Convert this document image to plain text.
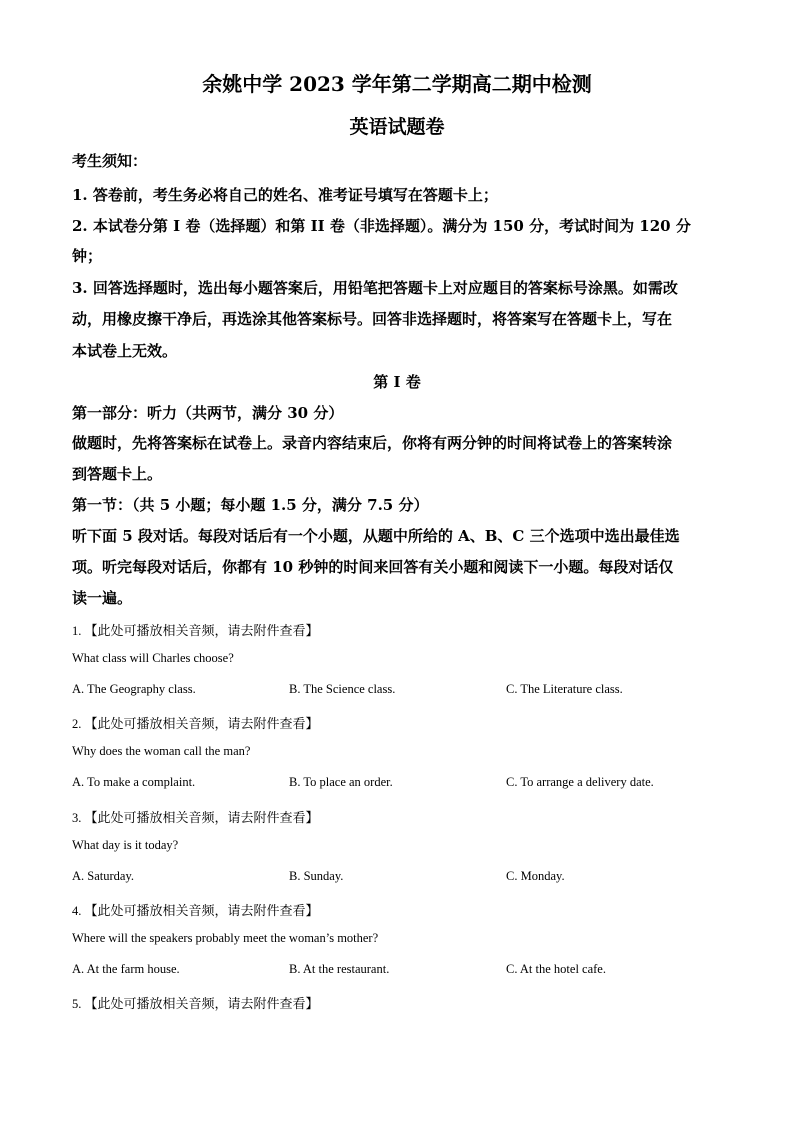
余姚中学 2023 学年第二学期高二期中检测
英语试题卷
考生须知：
1. 答卷前，考生务必将自己的姓名、准考证号填写在答题卡上；
2. 本试卷分第 I 卷（选择题）和第 II 卷（非选择题）。满分为 150 分，考试时间为 120 分
钟；
3. 回答选择题时，选出每小题答案后，用铅笔把答题卡上对应题目的答案标号涂黑。如需改
动，用橡皮擦干净后，再选涂其他答案标号。回答非选择题时，将答案写在答题卡上，写在
本试卷上无效。
第 I 卷
第一部分：听力（共两节，满分 30 分）
做题时，先将答案标在试卷上。录音内容结束后，你将有两分钟的时间将试卷上的答案转涂
到答题卡上。
第一节：（共 5 小题；每小题 1.5 分，满分 7.5 分）
听下面 5 段对话。每段对话后有一个小题，从题中所给的 A、B、C 三个选项中选出最佳选
项。听完每段对话后，你都有 10 秒钟的时间来回答有关小题和阅读下一小题。每段对话仅
读一遍。
1. 【此处可播放相关音频，请去附件查看】
What class will Charles choose?
A. The Geography class.	B. The Science class.	C. The Literature class.
2. 【此处可播放相关音频，请去附件查看】
Why does the woman call the man?
A. To make a complaint.	B. To place an order.	C. To arrange a delivery date.
3. 【此处可播放相关音频，请去附件查看】
What day is it today?
A. Saturday.	B. Sunday.	C. Monday.
4. 【此处可播放相关音频，请去附件查看】
Where will the speakers probably meet the woman’s mother?
A. At the farm house.	B. At the restaurant.	C. At the hotel cafe.
5. 【此处可播放相关音频，请去附件查看】
